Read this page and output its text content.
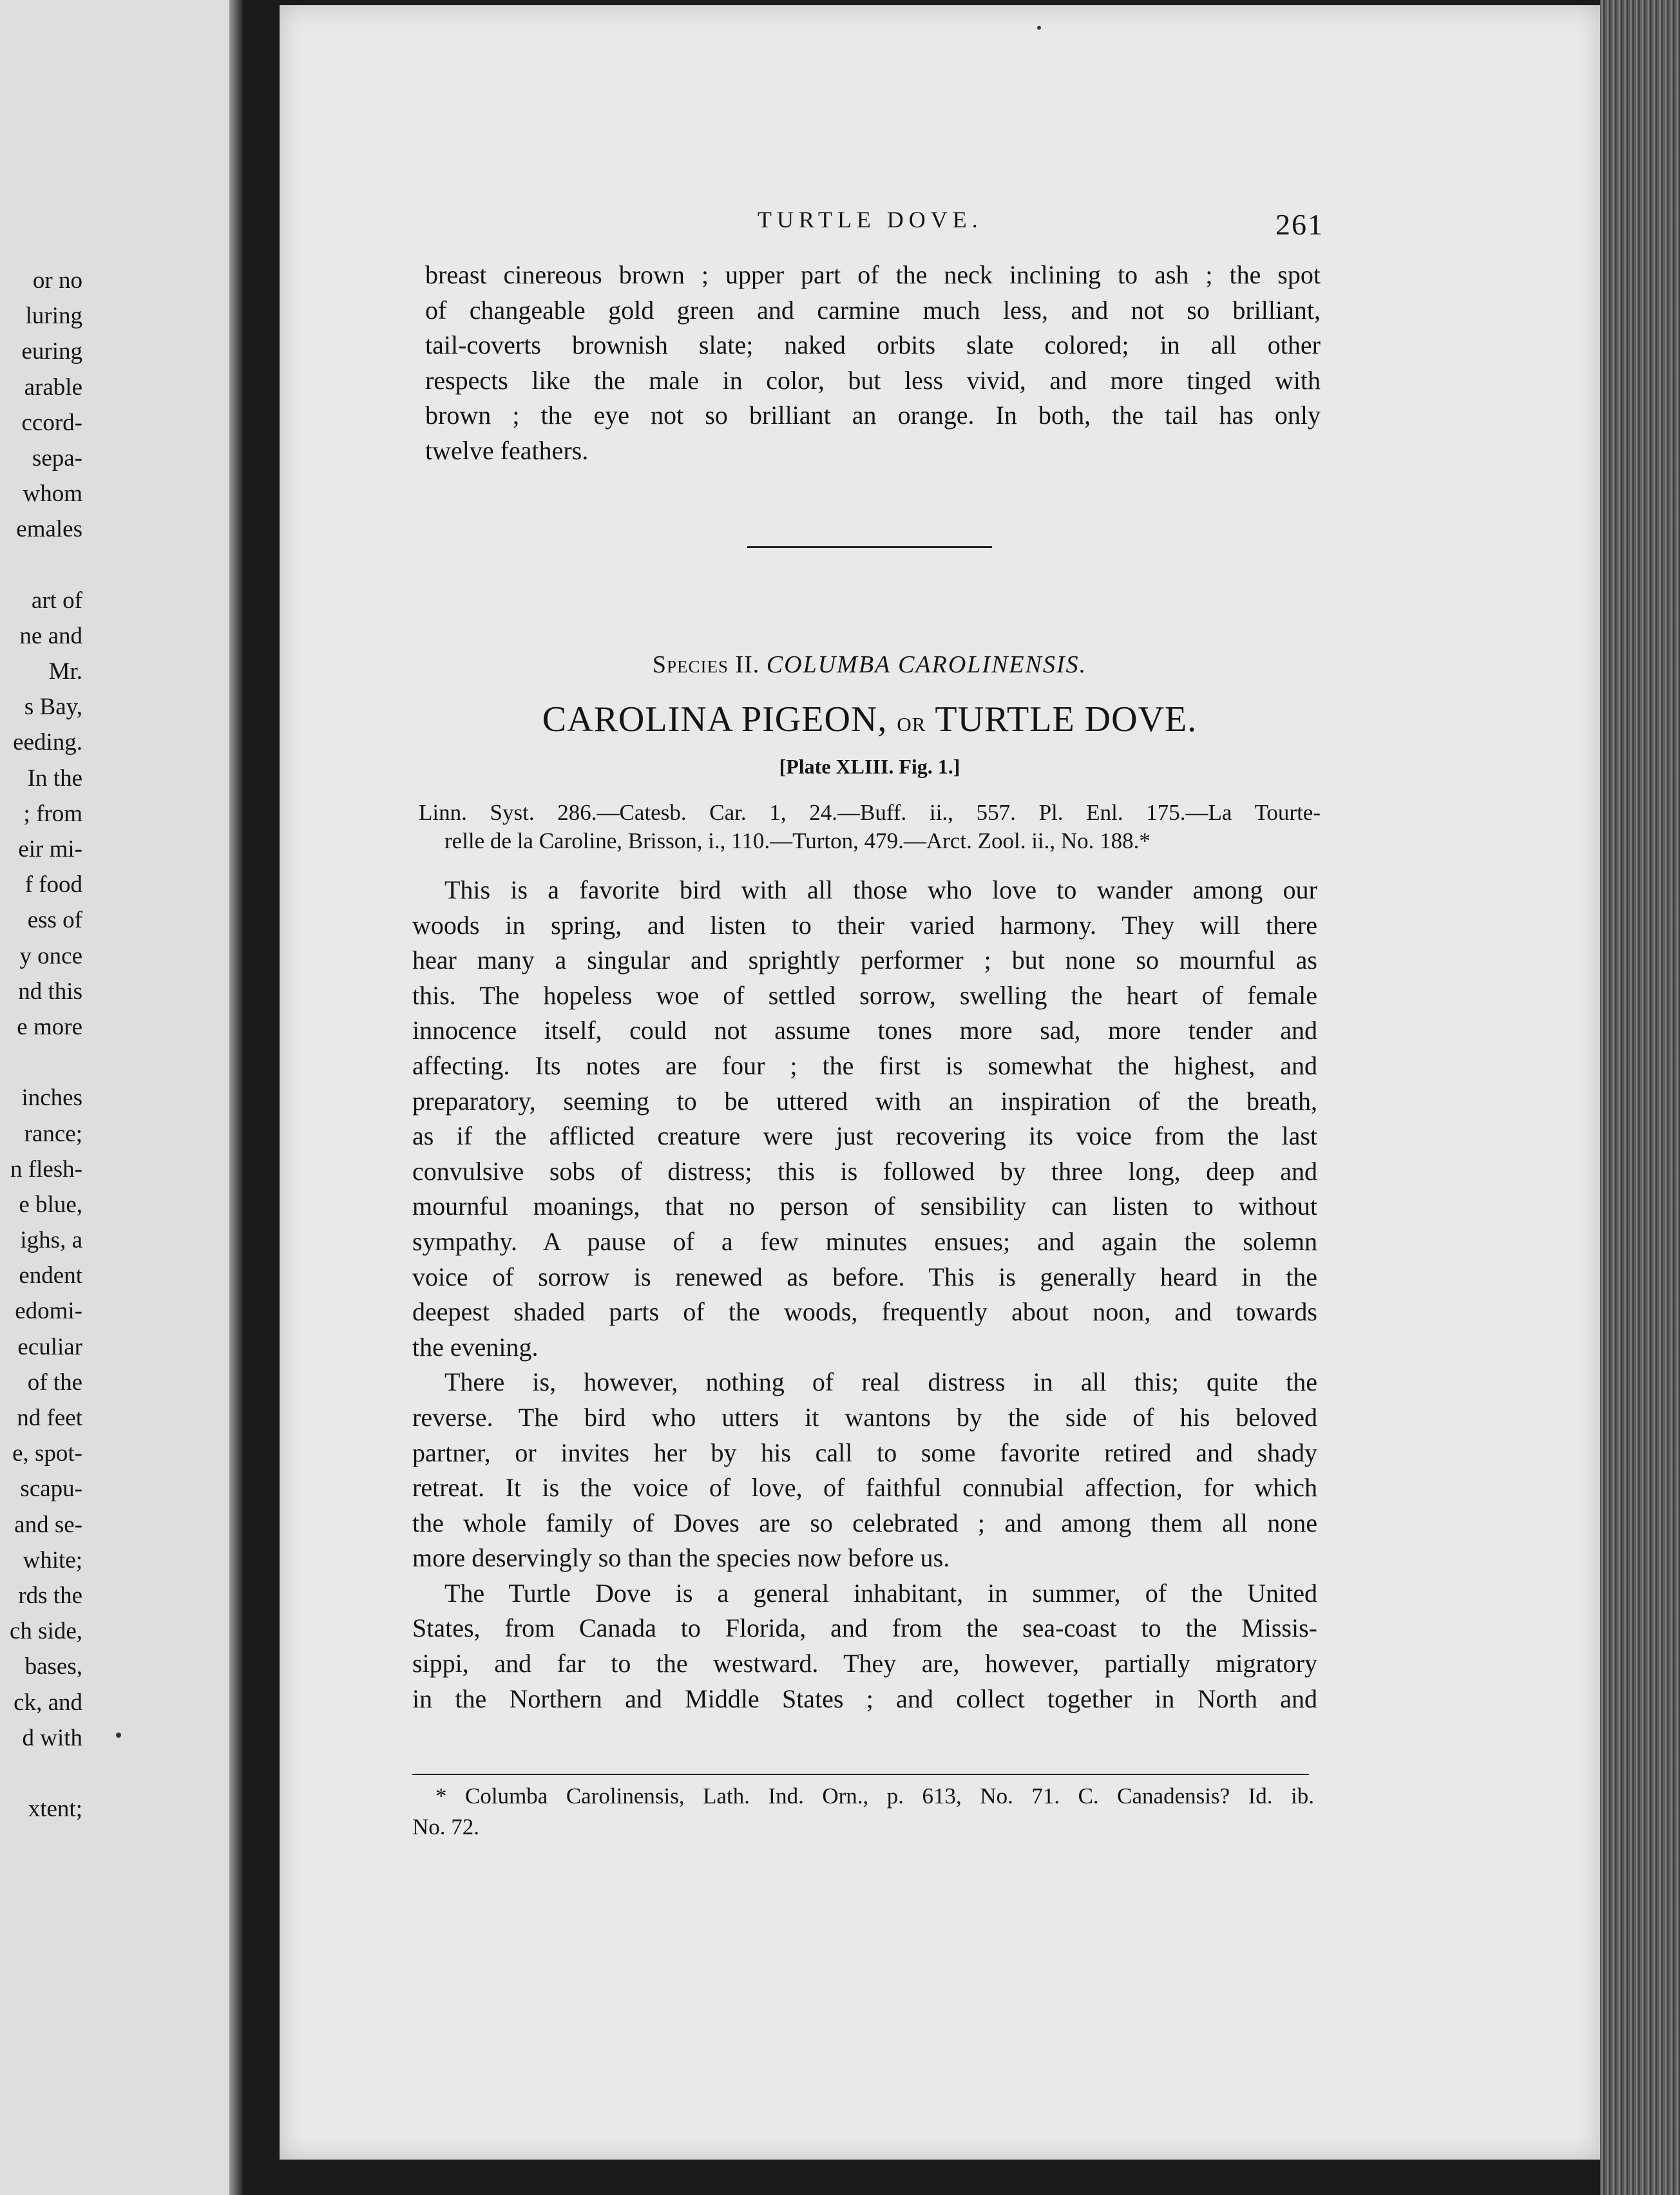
or no
luring
euring
arable
ccord-
sepa-
whom
emales
art of
ne and
Mr.
s Bay,
eeding.
In the
; from
eir mi-
f food
ess of
y once
nd this
e more
inches
rance;
n flesh-
e blue,
ighs, a
endent
edomi-
eculiar
of the
nd feet
e, spot-
scapu-
and se-
white;
rds the
ch side,
bases,
ck, and
d with
xtent;
TURTLE DOVE.	261
breast cinereous brown ; upper part of the neck inclining to ash ; the spot
of changeable gold green and carmine much less, and not so brilliant,
tail-coverts brownish slate; naked orbits slate colored; in all other
respects like the male in color, but less vivid, and more tinged with
brown ; the eye not so brilliant an orange. In both, the tail has only
twelve feathers.
Species II. COLUMBA CAROLINENSIS.
CAROLINA PIGEON, or TURTLE DOVE.
[Plate XLIII. Fig. 1.]
Linn. Syst. 286.—Catesb. Car. 1, 24.—Buff. ii., 557. Pl. Enl. 175.—La Tourte-
relle de la Caroline, Brisson, i., 110.—Turton, 479.—Arct. Zool. ii., No. 188.*
This is a favorite bird with all those who love to wander among our
woods in spring, and listen to their varied harmony. They will there
hear many a singular and sprightly performer ; but none so mournful as
this. The hopeless woe of settled sorrow, swelling the heart of female
innocence itself, could not assume tones more sad, more tender and
affecting. Its notes are four ; the first is somewhat the highest, and
preparatory, seeming to be uttered with an inspiration of the breath,
as if the afflicted creature were just recovering its voice from the last
convulsive sobs of distress; this is followed by three long, deep and
mournful moanings, that no person of sensibility can listen to without
sympathy. A pause of a few minutes ensues; and again the solemn
voice of sorrow is renewed as before. This is generally heard in the
deepest shaded parts of the woods, frequently about noon, and towards
the evening.
There is, however, nothing of real distress in all this; quite the
reverse. The bird who utters it wantons by the side of his beloved
partner, or invites her by his call to some favorite retired and shady
retreat. It is the voice of love, of faithful connubial affection, for which
the whole family of Doves are so celebrated ; and among them all none
more deservingly so than the species now before us.
The Turtle Dove is a general inhabitant, in summer, of the United
States, from Canada to Florida, and from the sea-coast to the Missis-
sippi, and far to the westward. They are, however, partially migratory
in the Northern and Middle States ; and collect together in North and
* Columba Carolinensis, Lath. Ind. Orn., p. 613, No. 71. C. Canadensis? Id. ib.
No. 72.
